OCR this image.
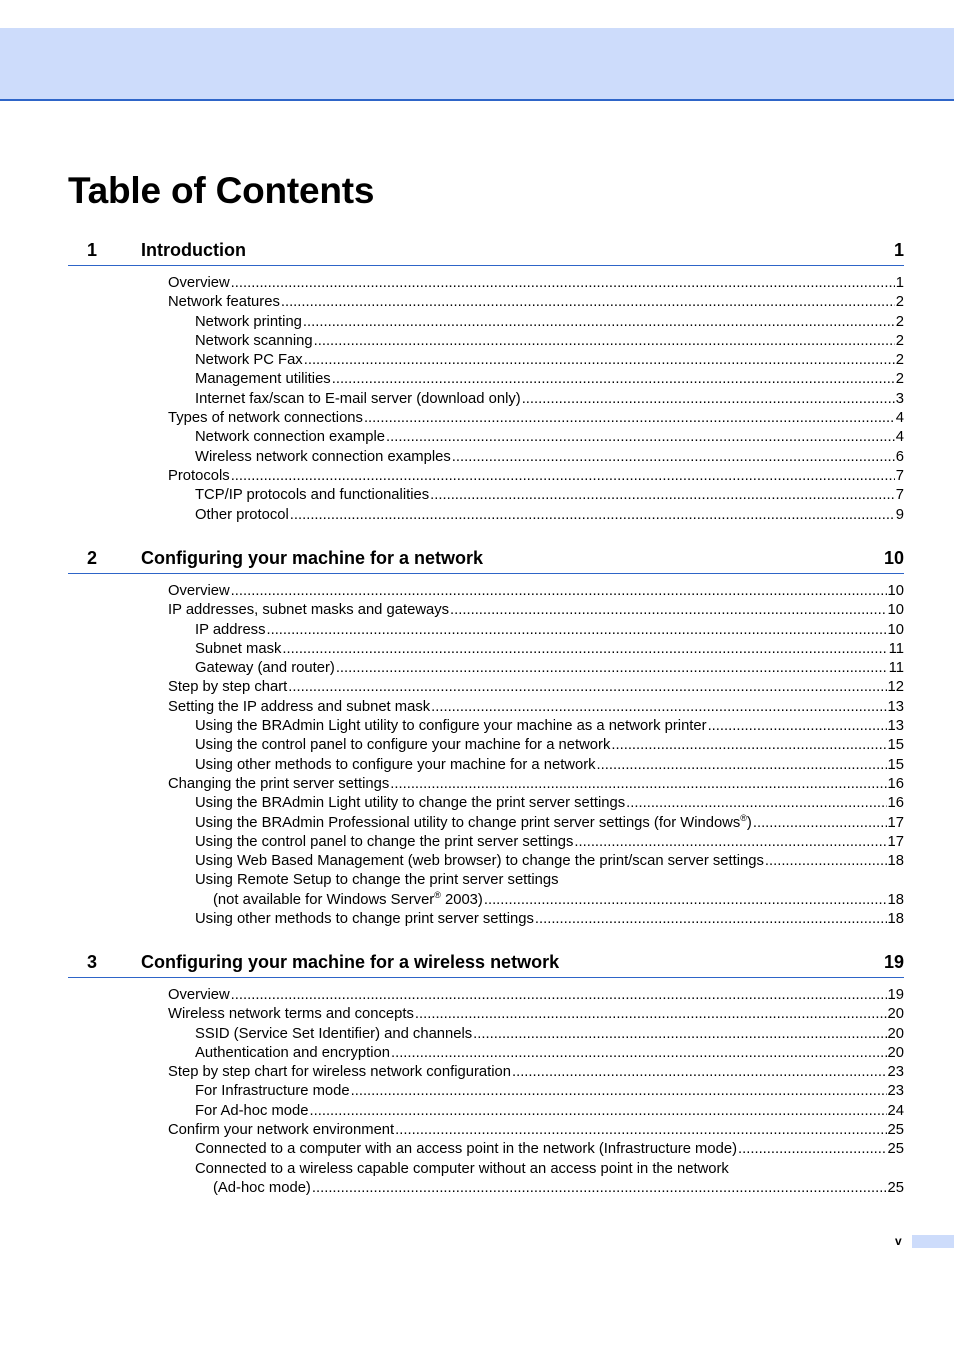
Table of Contents
1 Introduction	1
Overview .....	1
Network features .....	2
Network printing .....	2
Network scanning .....	2
Network PC Fax .....	2
Management utilities .....	2
Internet fax/scan to E-mail server (download only) .....	3
Types of network connections .....	4
Network connection example .....	4
Wireless network connection examples .....	6
Protocols .....	7
TCP/IP protocols and functionalities .....	7
Other protocol .....	9
2 Configuring your machine for a network	10
Overview .....	10
IP addresses, subnet masks and gateways .....	10
IP address .....	10
Subnet mask .....	11
Gateway (and router) .....	11
Step by step chart .....	12
Setting the IP address and subnet mask .....	13
Using the BRAdmin Light utility to configure your machine as a network printer .....	13
Using the control panel to configure your machine for a network .....	15
Using other methods to configure your machine for a network .....	15
Changing the print server settings .....	16
Using the BRAdmin Light utility to change the print server settings .....	16
Using the BRAdmin Professional utility to change print server settings (for Windows®) .....	17
Using the control panel to change the print server settings .....	17
Using Web Based Management (web browser) to change the print/scan server settings .....	18
Using Remote Setup to change the print server settings
(not available for Windows Server® 2003) .....	18
Using other methods to change print server settings .....	18
3 Configuring your machine for a wireless network	19
Overview .....	19
Wireless network terms and concepts .....	20
SSID (Service Set Identifier) and channels .....	20
Authentication and encryption .....	20
Step by step chart for wireless network configuration .....	23
For Infrastructure mode .....	23
For Ad-hoc mode .....	24
Confirm your network environment .....	25
Connected to a computer with an access point in the network (Infrastructure mode) .....	25
Connected to a wireless capable computer without an access point in the network
(Ad-hoc mode) .....	25
v
